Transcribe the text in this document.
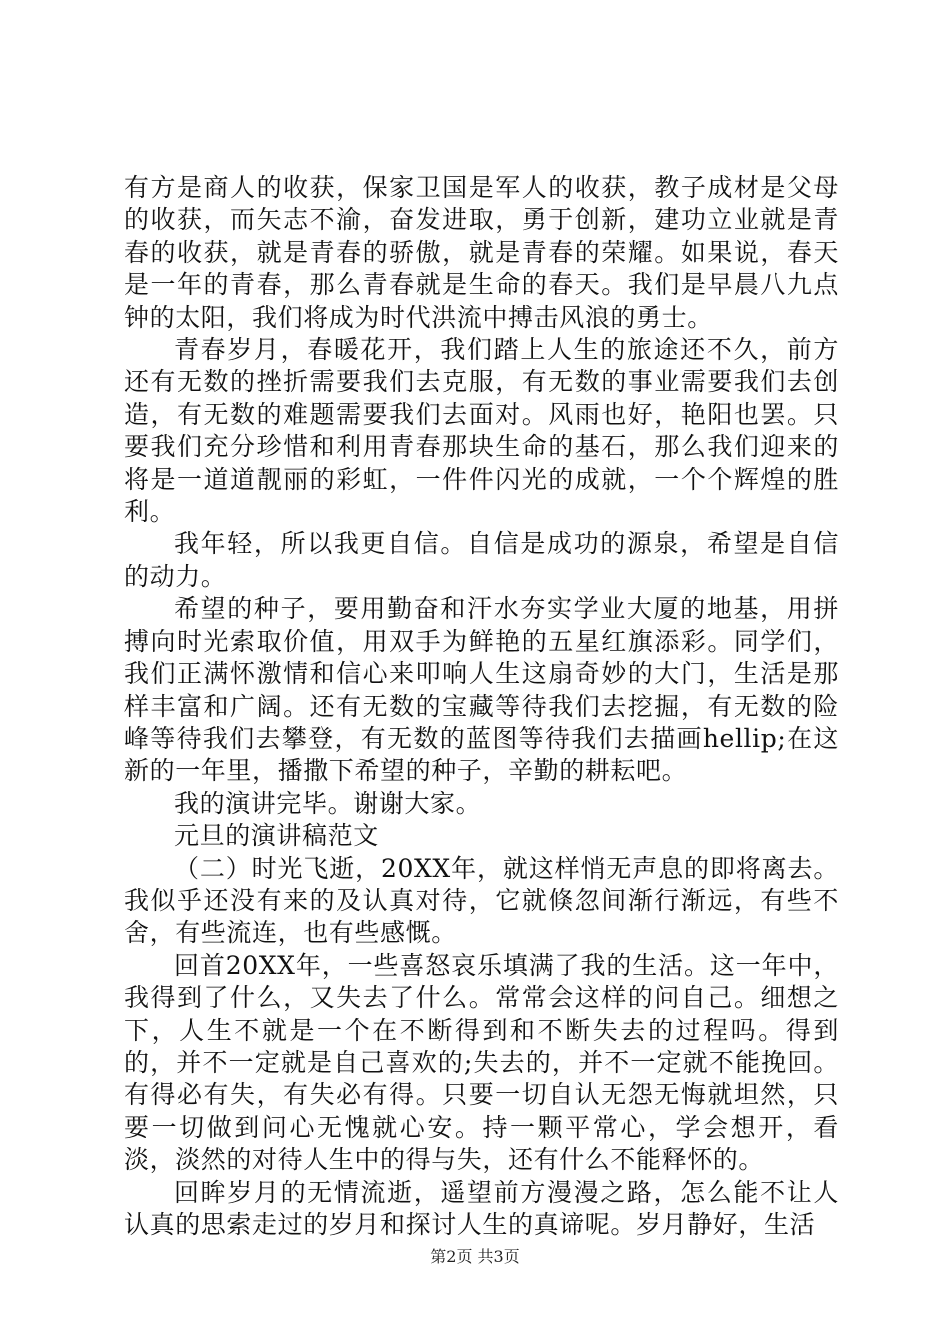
有方是商人的收获，保家卫国是军人的收获，教子成材是父母的收获，而矢志不渝，奋发进取，勇于创新，建功立业就是青春的收获，就是青春的骄傲，就是青春的荣耀。如果说，春天是一年的青春，那么青春就是生命的春天。我们是早晨八九点钟的太阳，我们将成为时代洪流中搏击风浪的勇士。

青春岁月，春暖花开，我们踏上人生的旅途还不久，前方还有无数的挫折需要我们去克服，有无数的事业需要我们去创造，有无数的难题需要我们去面对。风雨也好，艳阳也罢。只要我们充分珍惜和利用青春那块生命的基石，那么我们迎来的将是一道道靓丽的彩虹，一件件闪光的成就，一个个辉煌的胜利。

我年轻，所以我更自信。自信是成功的源泉，希望是自信的动力。

希望的种子，要用勤奋和汗水夯实学业大厦的地基，用拼搏向时光索取价值，用双手为鲜艳的五星红旗添彩。同学们，我们正满怀激情和信心来叩响人生这扇奇妙的大门，生活是那样丰富和广阔。还有无数的宝藏等待我们去挖掘，有无数的险峰等待我们去攀登，有无数的蓝图等待我们去描画hellip;在这新的一年里，播撒下希望的种子，辛勤的耕耘吧。

我的演讲完毕。谢谢大家。

元旦的演讲稿范文

（二）时光飞逝，20XX年，就这样悄无声息的即将离去。我似乎还没有来的及认真对待，它就倏忽间渐行渐远，有些不舍，有些流连，也有些感慨。

回首20XX年，一些喜怒哀乐填满了我的生活。这一年中，我得到了什么，又失去了什么。常常会这样的问自己。细想之下，人生不就是一个在不断得到和不断失去的过程吗。得到的，并不一定就是自己喜欢的;失去的，并不一定就不能挽回。有得必有失，有失必有得。只要一切自认无怨无悔就坦然，只要一切做到问心无愧就心安。持一颗平常心，学会想开，看淡，淡然的对待人生中的得与失，还有什么不能释怀的。

回眸岁月的无情流逝，遥望前方漫漫之路，怎么能不让人认真的思索走过的岁月和探讨人生的真谛呢。岁月静好，生活

第2页 共3页
